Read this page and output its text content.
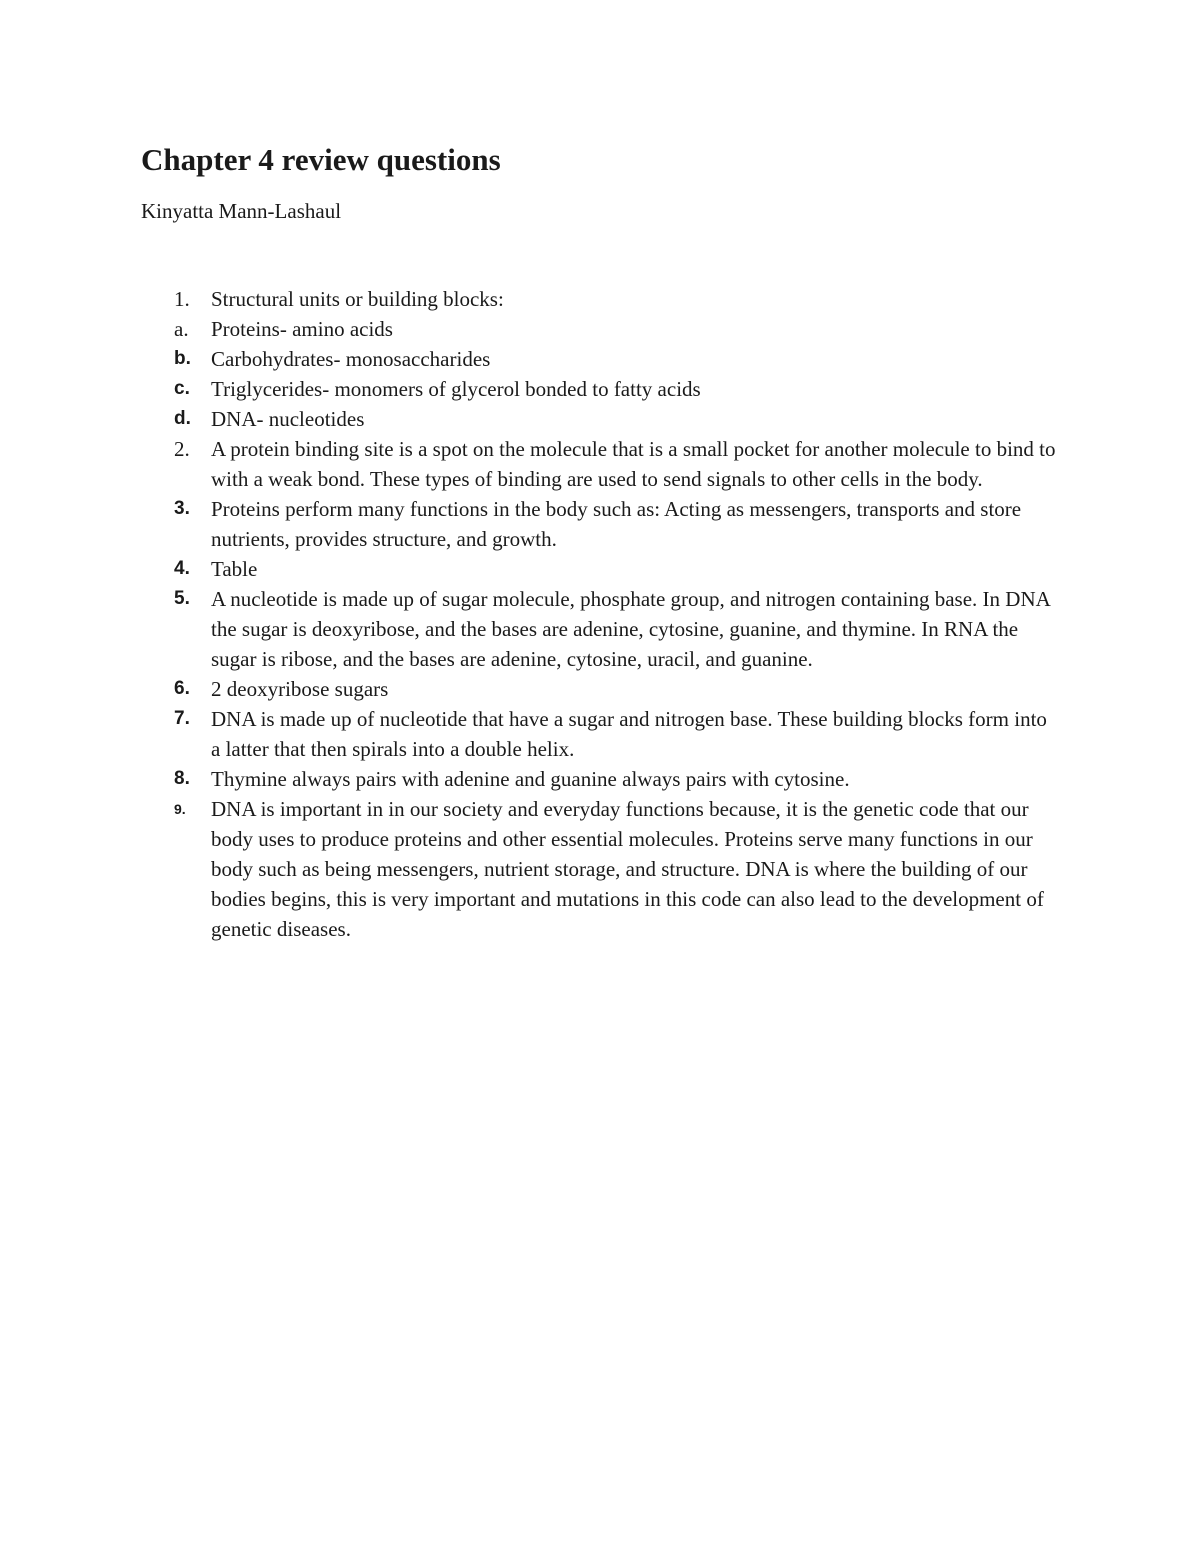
Chapter 4 review questions

Kinyatta Mann-Lashaul

1. Structural units or building blocks:
a. Proteins- amino acids
b. Carbohydrates- monosaccharides
c. Triglycerides- monomers of glycerol bonded to fatty acids
d. DNA- nucleotides
2. A protein binding site is a spot on the molecule that is a small pocket for another molecule to bind to with a weak bond. These types of binding are used to send signals to other cells in the body.
3. Proteins perform many functions in the body such as: Acting as messengers, transports and store nutrients, provides structure, and growth.
4. Table
5. A nucleotide is made up of sugar molecule, phosphate group, and nitrogen containing base. In DNA the sugar is deoxyribose, and the bases are adenine, cytosine, guanine, and thymine. In RNA the sugar is ribose, and the bases are adenine, cytosine, uracil, and guanine.
6. 2 deoxyribose sugars
7. DNA is made up of nucleotide that have a sugar and nitrogen base. These building blocks form into a latter that then spirals into a double helix.
8. Thymine always pairs with adenine and guanine always pairs with cytosine.
9. DNA is important in in our society and everyday functions because, it is the genetic code that our body uses to produce proteins and other essential molecules. Proteins serve many functions in our body such as being messengers, nutrient storage, and structure. DNA is where the building of our bodies begins, this is very important and mutations in this code can also lead to the development of genetic diseases.
